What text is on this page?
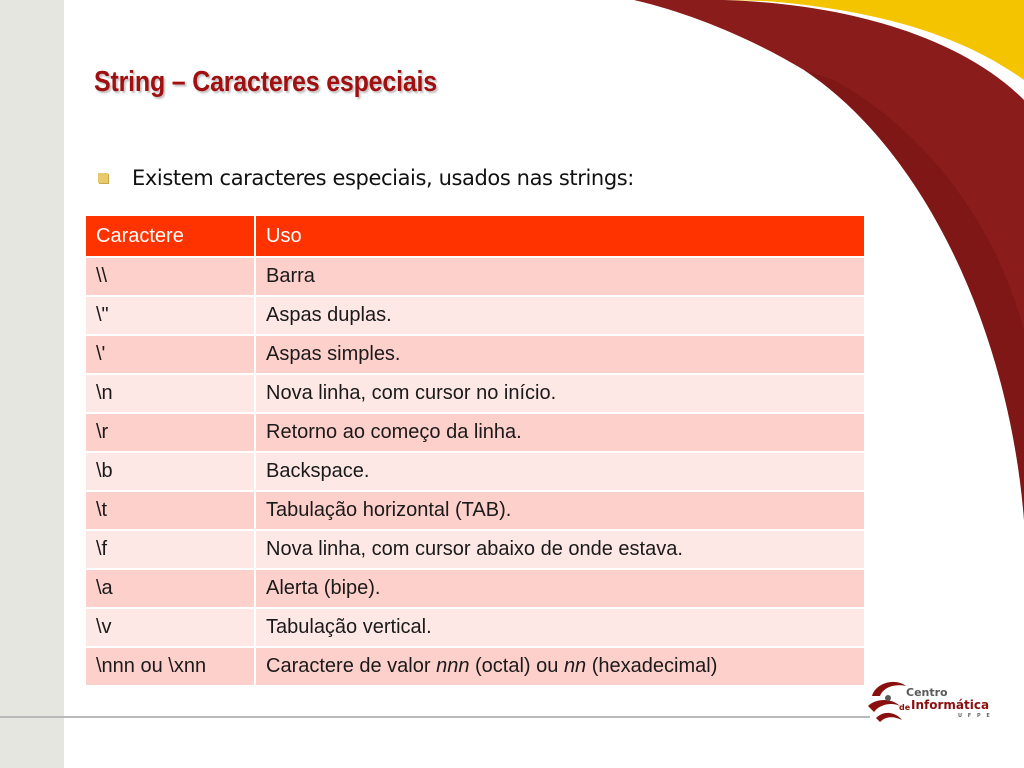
String – Caracteres especiais
Existem caracteres especiais, usados nas strings:
Caractere	Uso
\\	Barra
\"	Aspas duplas.
\'	Aspas simples.
\n	Nova linha, com cursor no início.
\r	Retorno ao começo da linha.
\b	Backspace.
\t	Tabulação horizontal (TAB).
\f	Nova linha, com cursor abaixo de onde estava.
\a	Alerta (bipe).
\v	Tabulação vertical.
\nnn ou \xnn	Caractere de valor nnn (octal) ou nn (hexadecimal)
Centro
de Informática
U F P E
